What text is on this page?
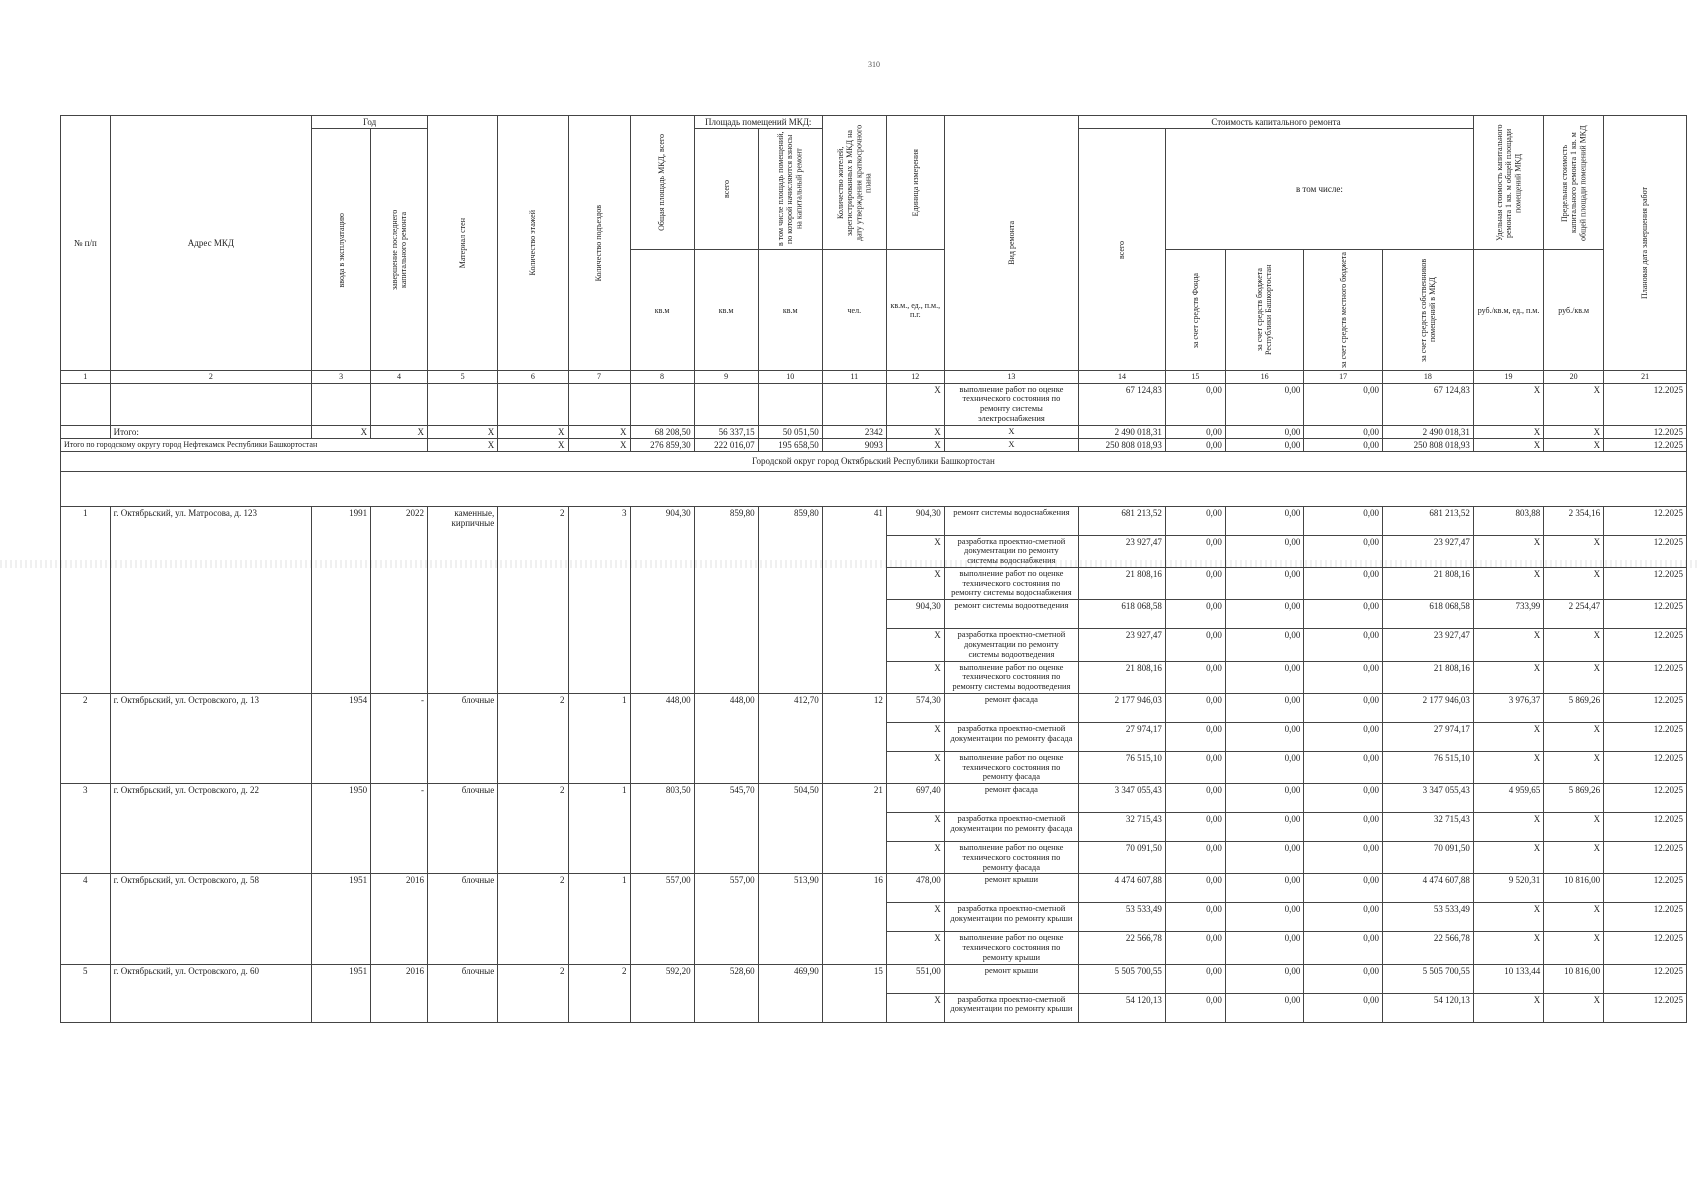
310
№ п/п	Адрес МКД	Год		Материал стен	Количество этажей	Количество подъездов	Общая площадь МКД, всего	Площадь помещений МКД:		Количество жителей, зарегистрированных в МКД на дату утверждения краткосрочного плана	Единица измерения	Вид ремонта	Стоимость капитального ремонта					Удельная стоимость капитального ремонта 1 кв. м общей площади помещений МКД	Предельная стоимость капитального ремонта 1 кв. м общей площади помещений МКД	Плановая дата завершения работ

		ввода в эксплуатацию	завершение последнего капитального ремонта					всего	в том числе площадь помещений, по которой начисляются взносы на капитальный ремонт				всего	в том числе:						
							кв.м	кв.м	кв.м	чел.	кв.м., ед., п.м., п.г.			за счет средств Фонда	за счет средств бюджета Республики Башкортостан	за счет средств местного бюджета	за счет средств собственников помещений в МКД	руб./кв.м, ед., п.м.	руб./кв.м	
1	2	3	4	5	6	7	8	9	10	11	12	13	14	15	16	17	18	19	20	21
											X	выполнение работ по оценке технического состояния по ремонту системы электроснабжения	67 124,83	0,00	0,00	0,00	67 124,83	X	X	12.2025
	Итого:	X	X	X	X	X	68 208,50	56 337,15	50 051,50	2342	X	X	2 490 018,31	0,00	0,00	0,00	2 490 018,31	X	X	12.2025
Итого по городскому округу город Нефтекамск Республики Башкортостан				X	X	X	276 859,30	222 016,07	195 658,50	9093	X	X	250 808 018,93	0,00	0,00	0,00	250 808 018,93	X	X	12.2025
Городской округ город Октябрьский Республики Башкортостан																				

1	г. Октябрьский, ул. Матросова, д. 123	1991	2022	каменные, кирпичные	2	3	904,30	859,80	859,80	41	904,30	ремонт системы водоснабжения	681 213,52	0,00	0,00	0,00	681 213,52	803,88	2 354,16	12.2025
											X	разработка проектно-сметной документации по ремонту системы водоснабжения	23 927,47	0,00	0,00	0,00	23 927,47	X	X	12.2025
											X	выполнение работ по оценке технического состояния по ремонту системы водоснабжения	21 808,16	0,00	0,00	0,00	21 808,16	X	X	12.2025
											904,30	ремонт системы водоотведения	618 068,58	0,00	0,00	0,00	618 068,58	733,99	2 254,47	12.2025
											X	разработка проектно-сметной документации по ремонту системы водоотведения	23 927,47	0,00	0,00	0,00	23 927,47	X	X	12.2025
											X	выполнение работ по оценке технического состояния по ремонту системы водоотведения	21 808,16	0,00	0,00	0,00	21 808,16	X	X	12.2025
2	г. Октябрьский, ул. Островского, д. 13	1954	-	блочные	2	1	448,00	448,00	412,70	12	574,30	ремонт фасада	2 177 946,03	0,00	0,00	0,00	2 177 946,03	3 976,37	5 869,26	12.2025
											X	разработка проектно-сметной документации по ремонту фасада	27 974,17	0,00	0,00	0,00	27 974,17	X	X	12.2025
											X	выполнение работ по оценке технического состояния по ремонту фасада	76 515,10	0,00	0,00	0,00	76 515,10	X	X	12.2025
3	г. Октябрьский, ул. Островского, д. 22	1950	-	блочные	2	1	803,50	545,70	504,50	21	697,40	ремонт фасада	3 347 055,43	0,00	0,00	0,00	3 347 055,43	4 959,65	5 869,26	12.2025
											X	разработка проектно-сметной документации по ремонту фасада	32 715,43	0,00	0,00	0,00	32 715,43	X	X	12.2025
											X	выполнение работ по оценке технического состояния по ремонту фасада	70 091,50	0,00	0,00	0,00	70 091,50	X	X	12.2025
4	г. Октябрьский, ул. Островского, д. 58	1951	2016	блочные	2	1	557,00	557,00	513,90	16	478,00	ремонт крыши	4 474 607,88	0,00	0,00	0,00	4 474 607,88	9 520,31	10 816,00	12.2025
											X	разработка проектно-сметной документации по ремонту крыши	53 533,49	0,00	0,00	0,00	53 533,49	X	X	12.2025
											X	выполнение работ по оценке технического состояния по ремонту крыши	22 566,78	0,00	0,00	0,00	22 566,78	X	X	12.2025
5	г. Октябрьский, ул. Островского, д. 60	1951	2016	блочные	2	2	592,20	528,60	469,90	15	551,00	ремонт крыши	5 505 700,55	0,00	0,00	0,00	5 505 700,55	10 133,44	10 816,00	12.2025
											X	разработка проектно-сметной документации по ремонту крыши	54 120,13	0,00	0,00	0,00	54 120,13	X	X	12.2025
